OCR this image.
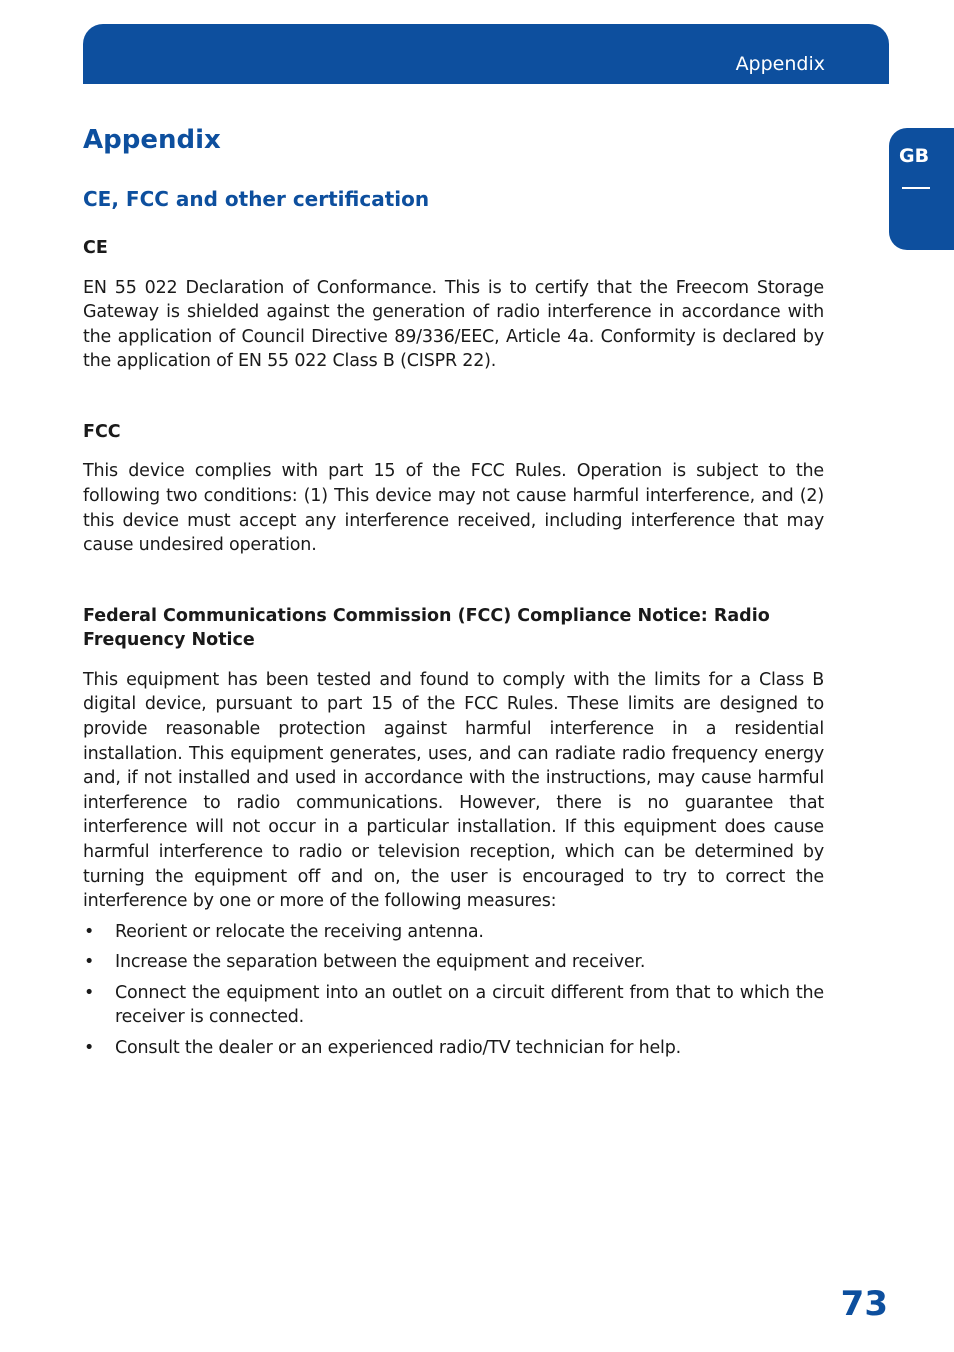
Appendix
GB
Appendix
CE, FCC and other certification
CE

EN 55 022 Declaration of Conformance. This is to certify that the Freecom Storage Gateway is shielded against the generation of radio interference in accordance with the application of Council Directive 89/336/EEC, Article 4a. Conformity is declared by the application of EN 55 022 Class B (CISPR 22).

FCC

This device complies with part 15 of the FCC Rules. Operation is subject to the following two conditions: (1) This device may not cause harmful interference, and (2) this device must accept any interference received, including interference that may cause undesired operation.

Federal Communications Commission (FCC) Compliance Notice: Radio Frequency Notice

This equipment has been tested and found to comply with the limits for a Class B digital device, pursuant to part 15 of the FCC Rules. These limits are designed to provide reasonable protection against harmful interference in a residential installation. This equipment generates, uses, and can radiate radio frequency energy and, if not installed and used in accordance with the instructions, may cause harmful interference to radio communications. However, there is no guarantee that interference will not occur in a particular installation. If this equipment does cause harmful interference to radio or television reception, which can be determined by turning the equipment off and on, the user is encouraged to try to correct the interference by one or more of the following measures:

• Reorient or relocate the receiving antenna.
• Increase the separation between the equipment and receiver.
• Connect the equipment into an outlet on a circuit different from that to which the receiver is connected.
• Consult the dealer or an experienced radio/TV technician for help.
73
